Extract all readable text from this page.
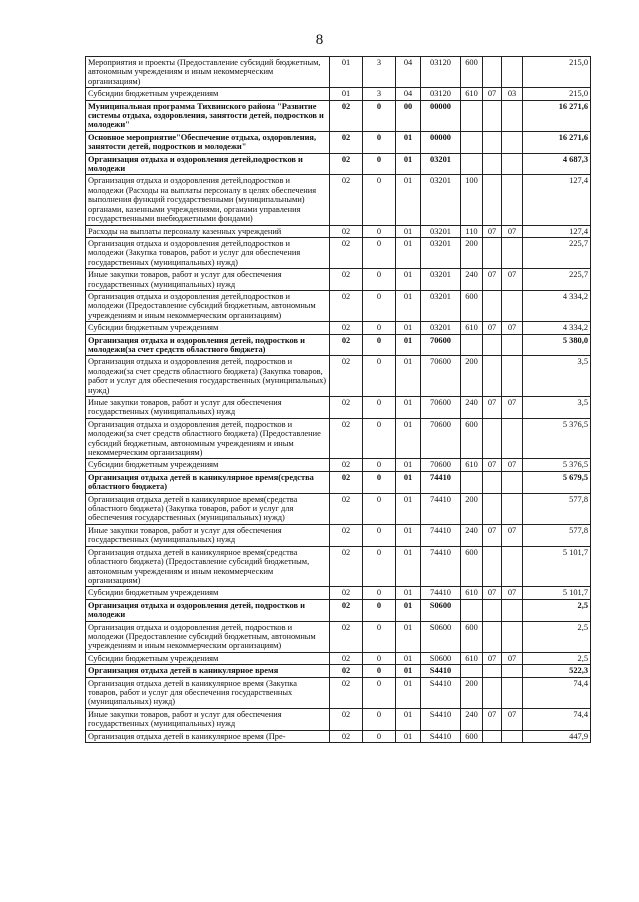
8
Мероприятия и проекты (Предоставление субсидий бюджетным, автономным учреждениям и иным некоммерческим организациям)	01	3	04	03120	600			215,0
Субсидии бюджетным учреждениям	01	3	04	03120	610	07	03	215,0
Муниципальная программа Тихвинского района "Развитие системы отдыха, оздоровления, занятости детей, подростков и молодежи"	02	0	00	00000				16 271,6
Основное мероприятие"Обеспечение отдыха, оздоровления, занятости детей, подростков и молодежи"	02	0	01	00000				16 271,6
Организация отдыха и оздоровления детей,подростков и молодежи	02	0	01	03201				4 687,3
Организация отдыха и оздоровления детей,подростков и молодежи (Расходы на выплаты персоналу в целях обеспечения выполнения функций государственными (муниципальными) органами, казенными учреждениями, органами управления государственными внебюджетными фондами)	02	0	01	03201	100			127,4
Расходы на выплаты персоналу казенных учреждений	02	0	01	03201	110	07	07	127,4
Организация отдыха и оздоровления детей,подростков и молодежи (Закупка товаров, работ и услуг для обеспечения государственных (муниципальных) нужд)	02	0	01	03201	200			225,7
Иные закупки товаров, работ и услуг для обеспечения государственных (муниципальных) нужд	02	0	01	03201	240	07	07	225,7
Организация отдыха и оздоровления детей,подростков и молодежи (Предоставление субсидий бюджетным, автономным учреждениям и иным некоммерческим организациям)	02	0	01	03201	600			4 334,2
Субсидии бюджетным учреждениям	02	0	01	03201	610	07	07	4 334,2
Организация отдыха и оздоровления детей, подростков и молодежи(за счет средств областного бюджета)	02	0	01	70600				5 380,0
Организация отдыха и оздоровления детей, подростков и молодежи(за счет средств областного бюджета) (Закупка товаров, работ и услуг для обеспечения государственных (муниципальных) нужд)	02	0	01	70600	200			3,5
Иные закупки товаров, работ и услуг для обеспечения государственных (муниципальных) нужд	02	0	01	70600	240	07	07	3,5
Организация отдыха и оздоровления детей, подростков и молодежи(за счет средств областного бюджета) (Предоставление субсидий бюджетным, автономным учреждениям и иным некоммерческим организациям)	02	0	01	70600	600			5 376,5
Субсидии бюджетным учреждениям	02	0	01	70600	610	07	07	5 376,5
Организация отдыха детей в каникулярное время(средства областного бюджета)	02	0	01	74410				5 679,5
Организация отдыха детей в каникулярное время(средства областного бюджета) (Закупка товаров, работ и услуг для обеспечения государственных (муниципальных) нужд)	02	0	01	74410	200			577,8
Иные закупки товаров, работ и услуг для обеспечения государственных (муниципальных) нужд	02	0	01	74410	240	07	07	577,8
Организация отдыха детей в каникулярное время(средства областного бюджета) (Предоставление субсидий бюджетным, автономным учреждениям и иным некоммерческим организациям)	02	0	01	74410	600			5 101,7
Субсидии бюджетным учреждениям	02	0	01	74410	610	07	07	5 101,7
Организация отдыха и оздоровления детей, подростков и молодежи	02	0	01	S0600				2,5
Организация отдыха и оздоровления детей, подростков и молодежи (Предоставление субсидий бюджетным, автономным учреждениям и иным некоммерческим организациям)	02	0	01	S0600	600			2,5
Субсидии бюджетным учреждениям	02	0	01	S0600	610	07	07	2,5
Организация отдыха детей в каникулярное время	02	0	01	S4410				522,3
Организация отдыха детей в каникулярное время (Закупка товаров, работ и услуг для обеспечения государственных (муниципальных) нужд)	02	0	01	S4410	200			74,4
Иные закупки товаров, работ и услуг для обеспечения государственных (муниципальных) нужд	02	0	01	S4410	240	07	07	74,4
Организация отдыха детей в каникулярное время (Пре-	02	0	01	S4410	600			447,9
